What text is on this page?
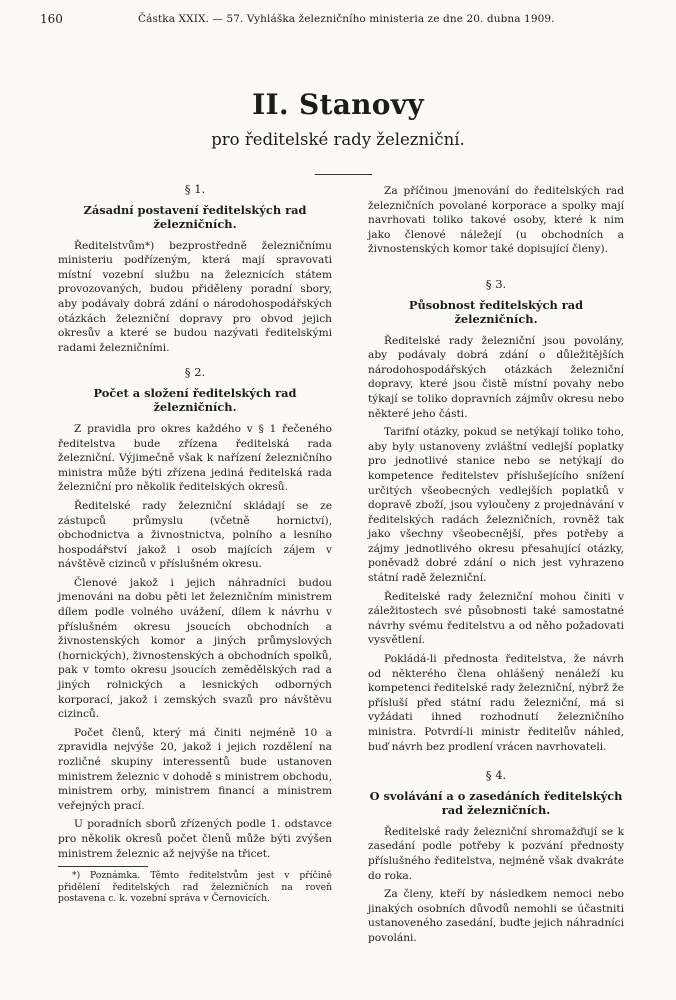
160	Částka XXIX. — 57. Vyhláška železničního ministeria ze dne 20. dubna 1909.
II. Stanovy
pro ředitelské rady železniční.
§ 1.
Zásadní postavení ředitelských rad železničních.

Ředitelstvům*) bezprostředně železničnímu ministeriu podřízeným, která mají spravovati místní vozební službu na železnicích státem provozovaných, budou přiděleny poradní sbory, aby podávaly dobrá zdání o národohospodářských otázkách železniční dopravy pro obvod jejich okresův a které se budou nazývati ředitelskými radami železničními.

§ 2.
Počet a složení ředitelských rad železničních.

Z pravidla pro okres každého v § 1 řečeného ředitelstva bude zřízena ředitelská rada železniční. Výjimečně však k nařízení železničního ministra může býti zřízena jediná ředitelská rada železniční pro několik ředitelských okresů.

Ředitelské rady železniční skládají se ze zástupců průmyslu (včetně hornictví), obchodnictva a živnostnictva, polního a lesního hospodářství jakož i osob majících zájem v návštěvě cizinců v příslušném okresu.

Členové jakož i jejich náhradníci budou jmenováni na dobu pěti let železničním ministrem dílem podle volného uvážení, dílem k návrhu v příslušném okresu jsoucích obchodních a živnostenských komor a jiných průmyslových (hornických), živnostenských a obchodních spolků, pak v tomto okresu jsoucích zemědělských rad a jiných rolnických a lesnických odborných korporací, jakož i zemských svazů pro návštěvu cizinců.

Počet členů, který má činiti nejméně 10 a zpravidla nejvýše 20, jakož i jejich rozdělení na rozličné skupiny interessentů bude ustanoven ministrem železnic v dohodě s ministrem obchodu, ministrem orby, ministrem financí a ministrem veřejných prací.

U poradních sborů zřízených podle 1. odstavce pro několik okresů počet členů může býti zvýšen ministrem železnic až nejvýše na třicet.

*) Poznámka. Těmto ředitelstvům jest v příčině přidělení ředitelských rad železničních na roveň postavena c. k. vozební správa v Černovicích.

Za příčinou jmenování do ředitelských rad železničních povolané korporace a spolky mají navrhovati toliko takové osoby, které k nim jako členové náležejí (u obchodních a živnostenských komor také dopisující členy).

§ 3.
Působnost ředitelských rad železničních.

Ředitelské rady železniční jsou povolány, aby podávaly dobrá zdání o důležitějších národohospodářských otázkách železniční dopravy, které jsou čistě místní povahy nebo týkají se toliko dopravních zájmův okresu nebo některé jeho části.

Tarifní otázky, pokud se netýkají toliko toho, aby byly ustanoveny zvláštní vedlejší poplatky pro jednotlivé stanice nebo se netýkají do kompetence ředitelstev příslušejícího snížení určitých všeobecných vedlejších poplatků v dopravě zboží, jsou vyloučeny z projednávání v ředitelských radách železničních, rovněž tak jako všechny všeobecnější, přes potřeby a zájmy jednotlivého okresu přesahující otázky, poněvadž dobré zdání o nich jest vyhrazeno státní radě železniční.

Ředitelské rady železniční mohou činiti v záležitostech své působnosti také samostatné návrhy svému ředitelstvu a od něho požadovati vysvětlení.

Pokládá-li přednosta ředitelstva, že návrh od některého člena ohlášený nenáleží ku kompetenci ředitelské rady železniční, nýbrž že přísluší před státní radu železniční, má si vyžádati ihned rozhodnutí železničního ministra. Potvrdí-li ministr ředitelův náhled, buď návrh bez prodlení vrácen navrhovateli.

§ 4.
O svolávání a o zasedáních ředitelských rad železničních.

Ředitelské rady železniční shromažďují se k zasedání podle potřeby k pozvání přednosty příslušného ředitelstva, nejméně však dvakráte do roka.

Za členy, kteří by následkem nemoci nebo jinakých osobních důvodů nemohli se účastniti ustanoveného zasedání, buďte jejich náhradníci povoláni.
